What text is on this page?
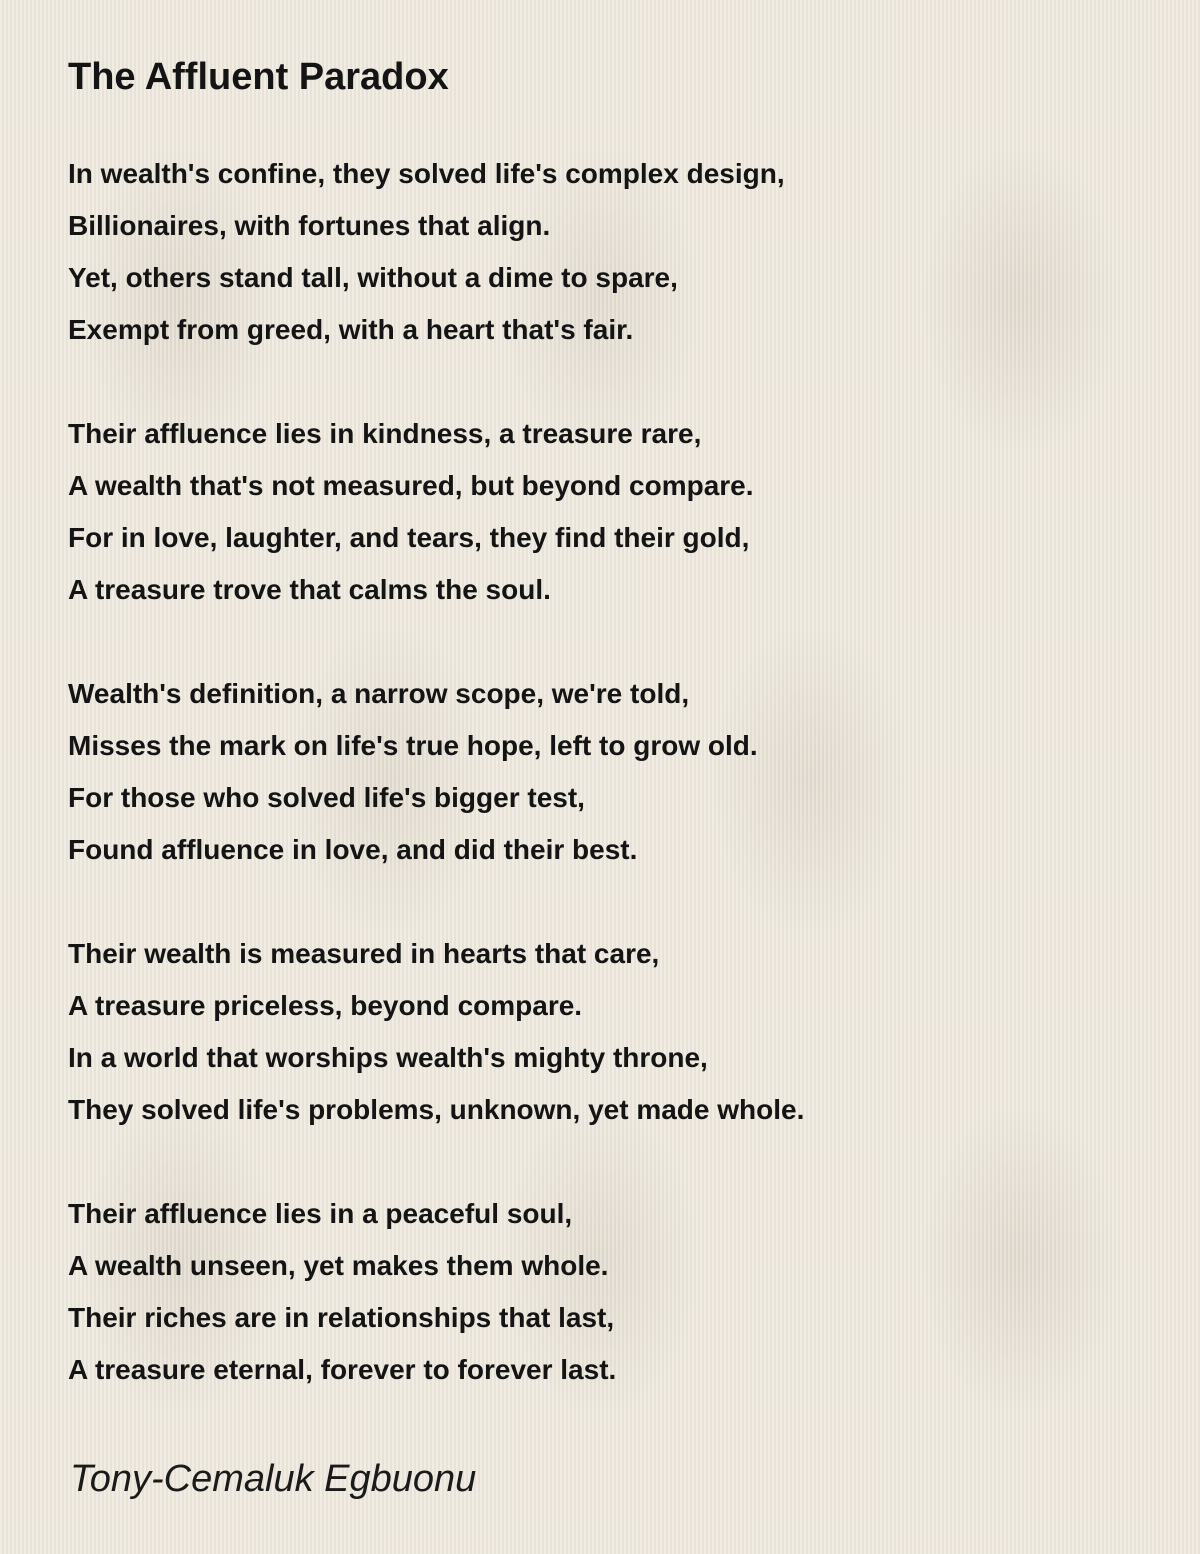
The Affluent Paradox
In wealth's confine, they solved life's complex design,
Billionaires, with fortunes that align.
Yet, others stand tall, without a dime to spare,
Exempt from greed, with a heart that's fair.
Their affluence lies in kindness, a treasure rare,
A wealth that's not measured, but beyond compare.
For in love, laughter, and tears, they find their gold,
A treasure trove that calms the soul.
Wealth's definition, a narrow scope, we're told,
Misses the mark on life's true hope, left to grow old.
For those who solved life's bigger test,
Found affluence in love, and did their best.
Their wealth is measured in hearts that care,
A treasure priceless, beyond compare.
In a world that worships wealth's mighty throne,
They solved life's problems, unknown, yet made whole.
Their affluence lies in a peaceful soul,
A wealth unseen, yet makes them whole.
Their riches are in relationships that last,
A treasure eternal, forever to forever last.
Tony-Cemaluk Egbuonu
